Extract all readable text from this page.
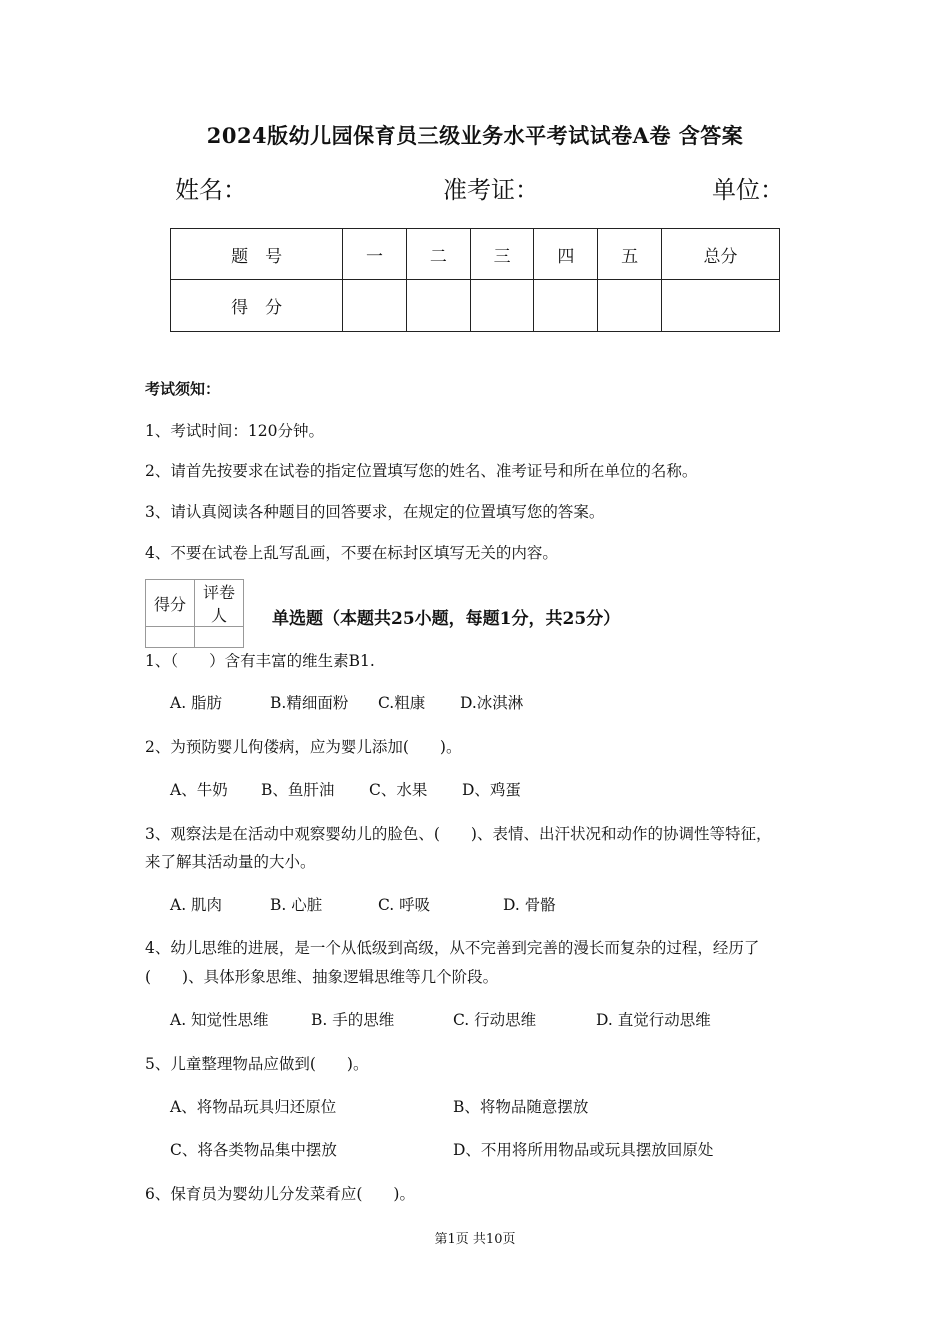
2024版幼儿园保育员三级业务水平考试试卷A卷 含答案
姓名：	准考证：	单位：
题　号	一	二	三	四	五	总分
得　分						
考试须知：
1、考试时间：120分钟。
2、请首先按要求在试卷的指定位置填写您的姓名、准考证号和所在单位的名称。
3、请认真阅读各种题目的回答要求，在规定的位置填写您的答案。
4、不要在试卷上乱写乱画，不要在标封区填写无关的内容。
得分	评卷人
		单选题（本题共25小题，每题1分，共25分）
1、（　　）含有丰富的维生素B1.
A. 脂肪	B.精细面粉 C.粗康 D.冰淇淋
2、为预防婴儿佝偻病，应为婴儿添加(　　)。
A、牛奶 B、鱼肝油 C、水果 D、鸡蛋
3、观察法是在活动中观察婴幼儿的脸色、(　　)、表情、出汗状况和动作的协调性等特征，
来了解其活动量的大小。
A. 肌肉	B. 心脏	C. 呼吸	D. 骨骼
4、幼儿思维的进展，是一个从低级到高级，从不完善到完善的漫长而复杂的过程，经历了
(　　)、具体形象思维、抽象逻辑思维等几个阶段。
A. 知觉性思维	B. 手的思维	C. 行动思维	D. 直觉行动思维
5、儿童整理物品应做到(　　)。
A、将物品玩具归还原位	B、将物品随意摆放
C、将各类物品集中摆放	D、不用将所用物品或玩具摆放回原处
6、保育员为婴幼儿分发菜肴应(　　)。
第1页 共10页
